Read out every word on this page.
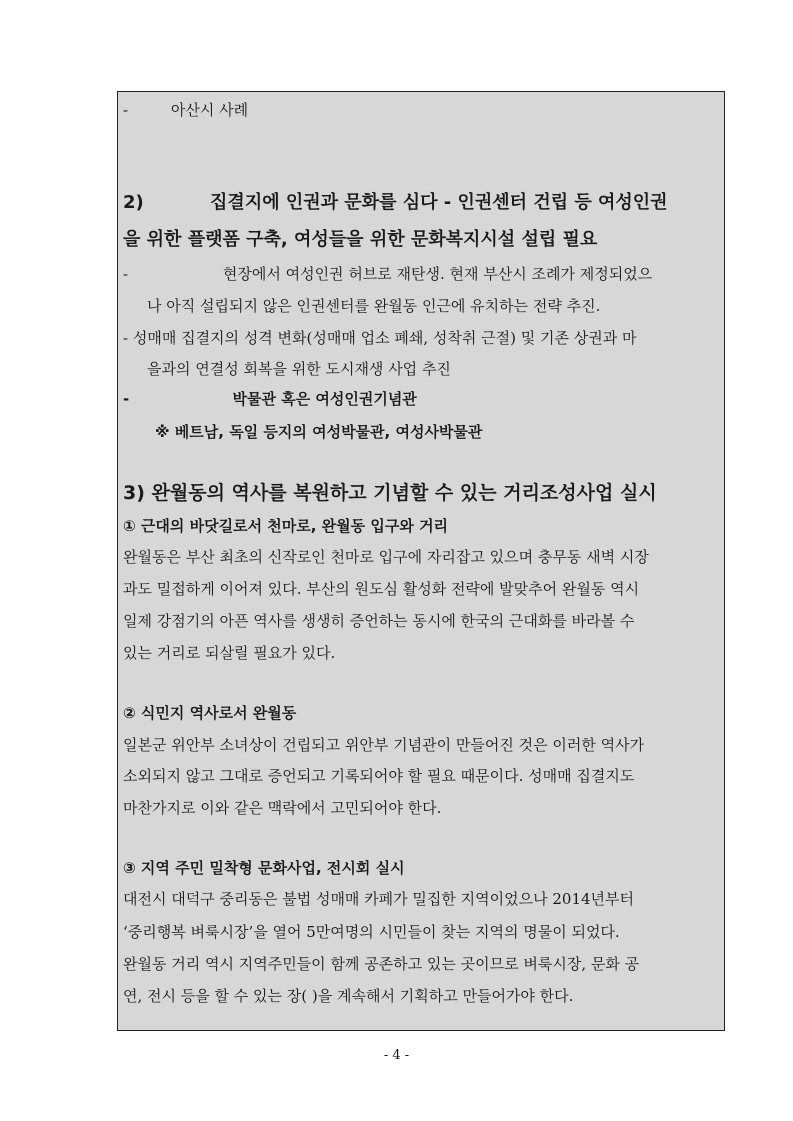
-	아산시 사례
2)	집결지에 인권과 문화를 심다 - 인권센터 건립 등 여성인권
을 위한 플랫폼 구축, 여성들을 위한 문화복지시설 설립 필요
-	현장에서 여성인권 허브로 재탄생. 현재 부산시 조례가 제정되었으
나 아직 설립되지 않은 인권센터를 완월동 인근에 유치하는 전략 추진.
- 성매매 집결지의 성격 변화(성매매 업소 폐쇄, 성착취 근절) 및 기존 상권과 마
을과의 연결성 회복을 위한 도시재생 사업 추진
-	박물관 혹은 여성인권기념관
※ 베트남, 독일 등지의 여성박물관, 여성사박물관
3) 완월동의 역사를 복원하고 기념할 수 있는 거리조성사업 실시
① 근대의 바닷길로서 천마로, 완월동 입구와 거리
완월동은 부산 최초의 신작로인 천마로 입구에 자리잡고 있으며 충무동 새벽 시장
과도 밀접하게 이어져 있다. 부산의 원도심 활성화 전략에 발맞추어 완월동 역시
일제 강점기의 아픈 역사를 생생히 증언하는 동시에 한국의 근대화를 바라볼 수
있는 거리로 되살릴 필요가 있다.
② 식민지 역사로서 완월동
일본군 위안부 소녀상이 건립되고 위안부 기념관이 만들어진 것은 이러한 역사가
소외되지 않고 그대로 증언되고 기록되어야 할 필요 때문이다. 성매매 집결지도
마찬가지로 이와 같은 맥락에서 고민되어야 한다.
③ 지역 주민 밀착형 문화사업, 전시회 실시
대전시 대덕구 중리동은 불법 성매매 카페가 밀집한 지역이었으나 2014년부터
‘중리행복 벼룩시장’을 열어 5만여명의 시민들이 찾는 지역의 명물이 되었다.
완월동 거리 역시 지역주민들이 함께 공존하고 있는 곳이므로 벼룩시장, 문화 공
연, 전시 등을 할 수 있는 장( )을 계속해서 기획하고 만들어가야 한다.
- 4 -
